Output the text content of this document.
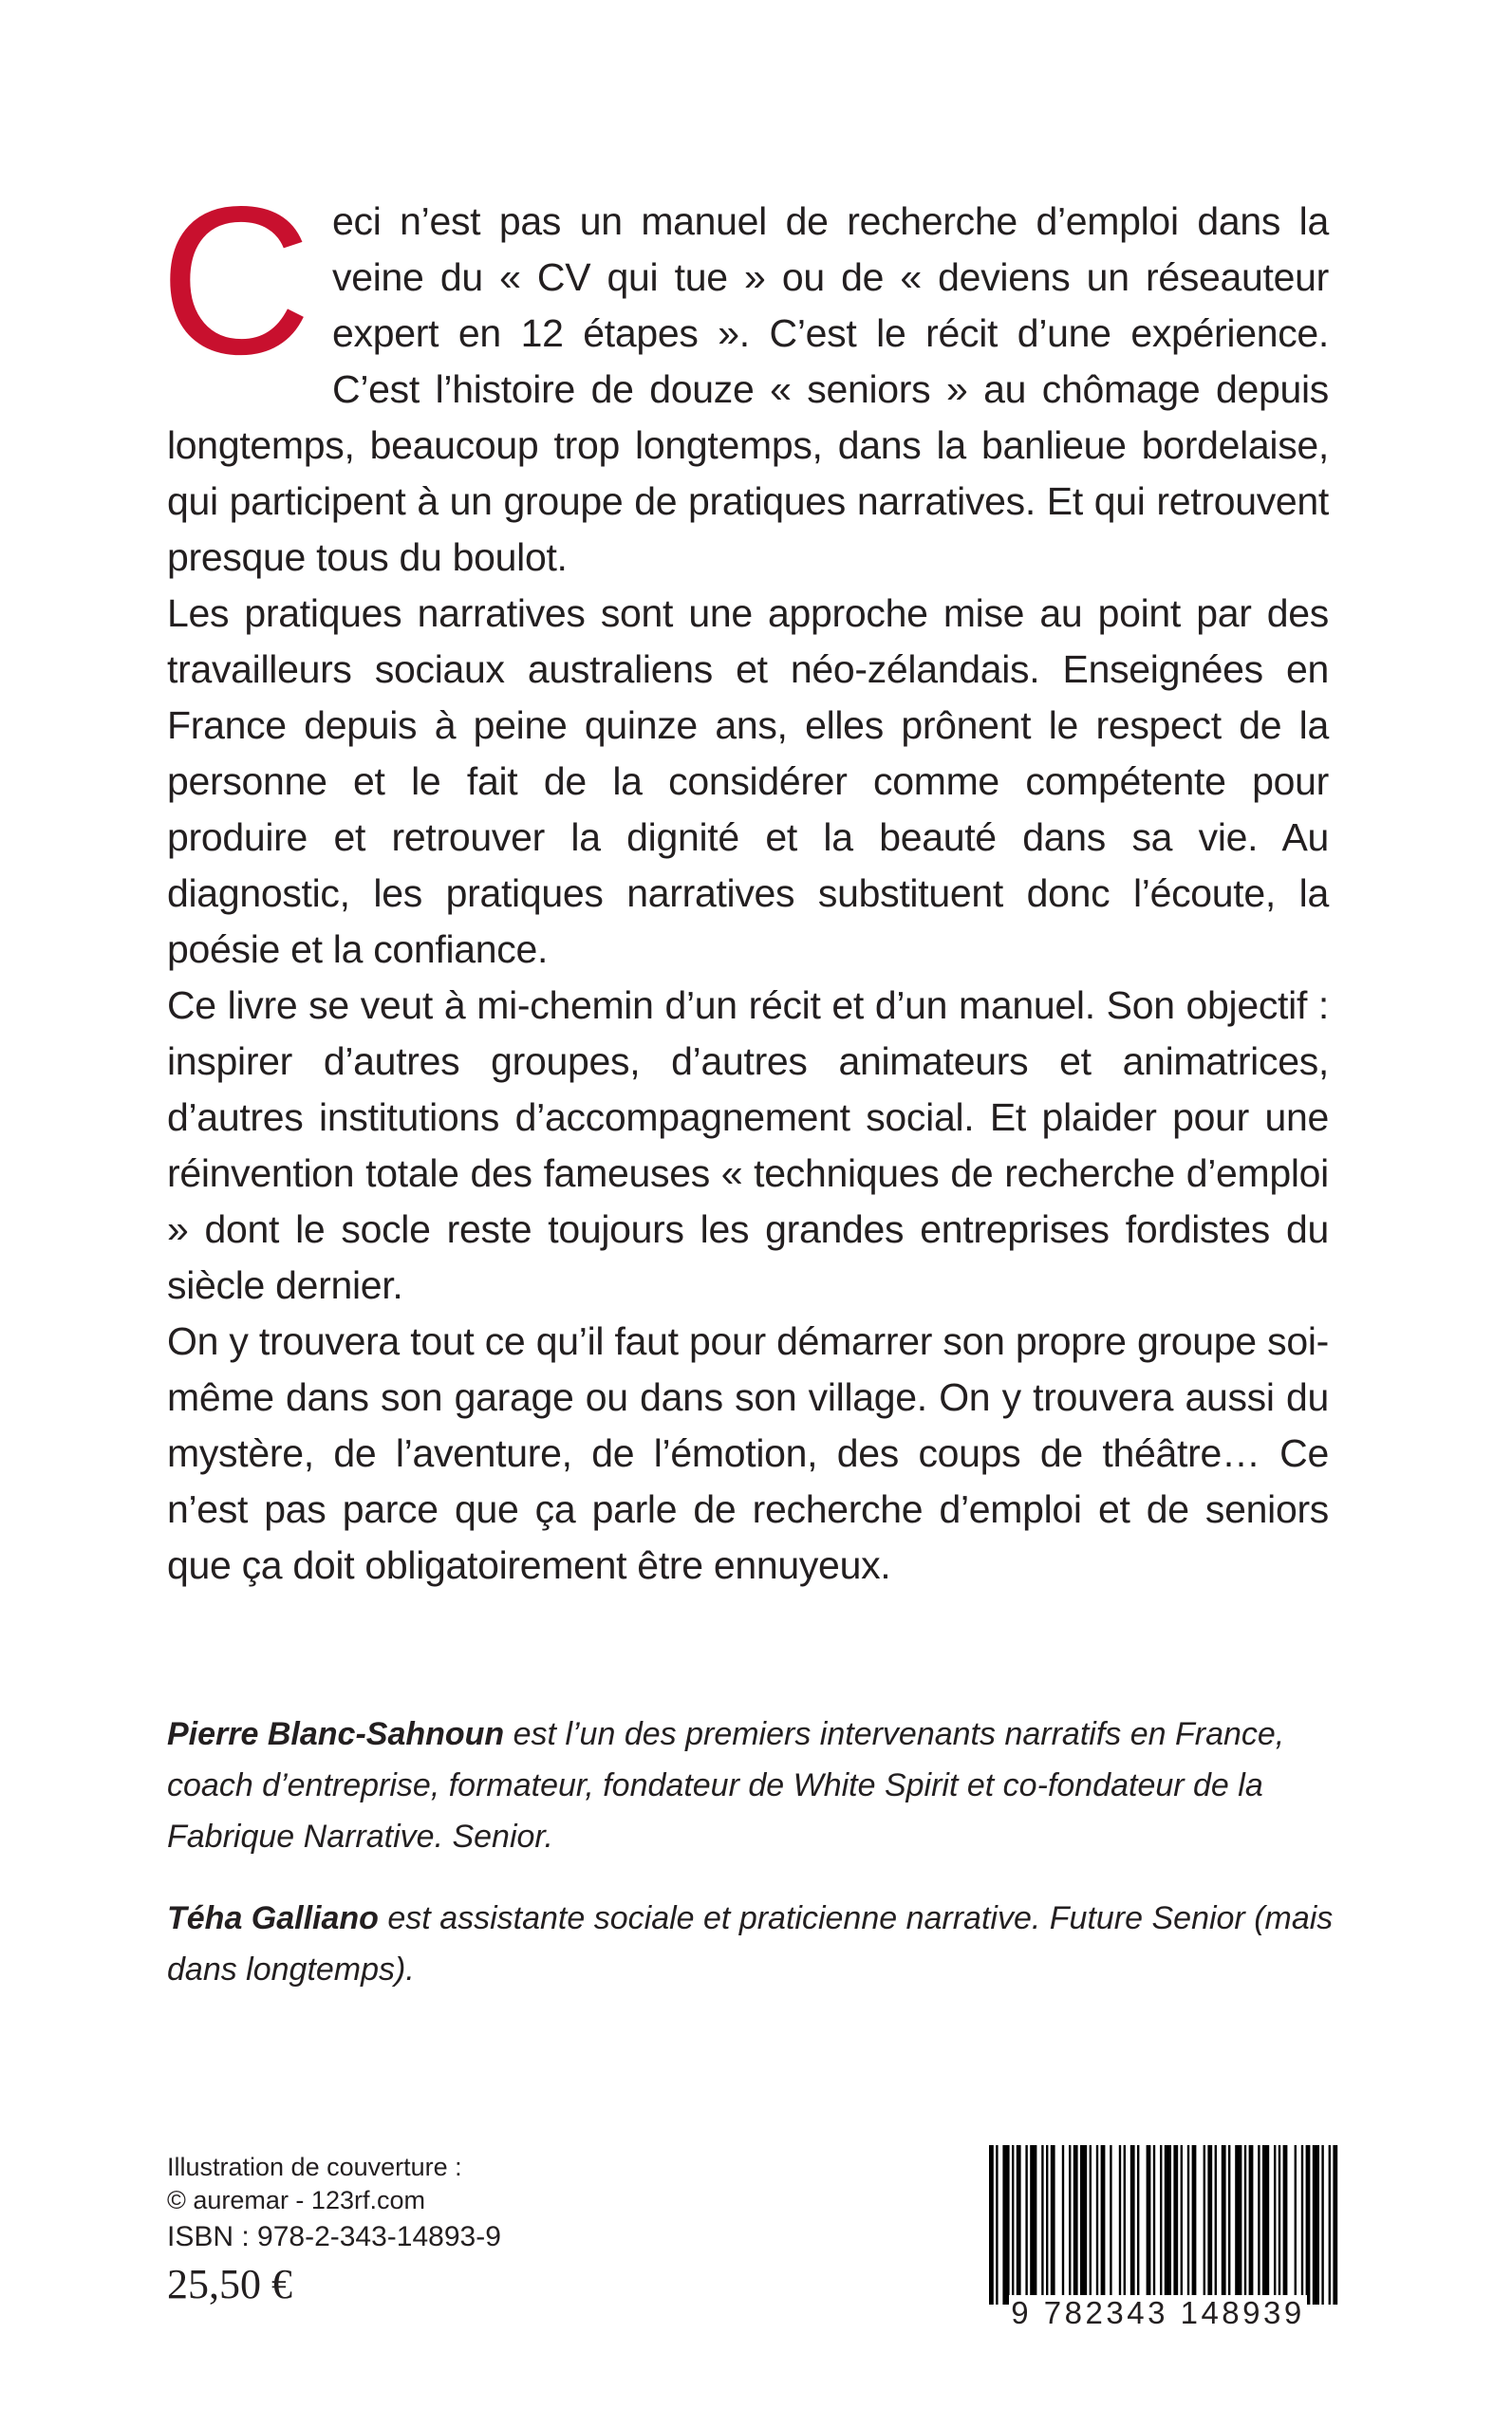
Ceci n’est pas un manuel de recherche d’emploi dans la veine du « CV qui tue » ou de « deviens un réseauteur expert en 12 étapes ». C’est le récit d’une expérience. C’est l’histoire de douze « seniors » au chômage depuis longtemps, beaucoup trop longtemps, dans la banlieue bordelaise, qui participent à un groupe de pratiques narratives. Et qui retrouvent presque tous du boulot.

Les pratiques narratives sont une approche mise au point par des travailleurs sociaux australiens et néo-zélandais. Enseignées en France depuis à peine quinze ans, elles prônent le respect de la personne et le fait de la considérer comme compétente pour produire et retrouver la dignité et la beauté dans sa vie. Au diagnostic, les pratiques narratives substituent donc l’écoute, la poésie et la confiance.

Ce livre se veut à mi-chemin d’un récit et d’un manuel. Son objectif : inspirer d’autres groupes, d’autres animateurs et animatrices, d’autres institutions d’accompagnement social. Et plaider pour une réinvention totale des fameuses « techniques de recherche d’emploi » dont le socle reste toujours les grandes entreprises fordistes du siècle dernier.

On y trouvera tout ce qu’il faut pour démarrer son propre groupe soi-même dans son garage ou dans son village. On y trouvera aussi du mystère, de l’aventure, de l’émotion, des coups de théâtre… Ce n’est pas parce que ça parle de recherche d’emploi et de seniors que ça doit obligatoirement être ennuyeux.

Pierre Blanc-Sahnoun est l’un des premiers intervenants narratifs en France, coach d’entreprise, formateur, fondateur de White Spirit et co-fondateur de la Fabrique Narrative. Senior.

Téha Galliano est assistante sociale et praticienne narrative. Future Senior (mais dans longtemps).

Illustration de couverture :
© auremar - 123rf.com
ISBN : 978-2-343-14893-9
25,50 €
9 782343 148939
